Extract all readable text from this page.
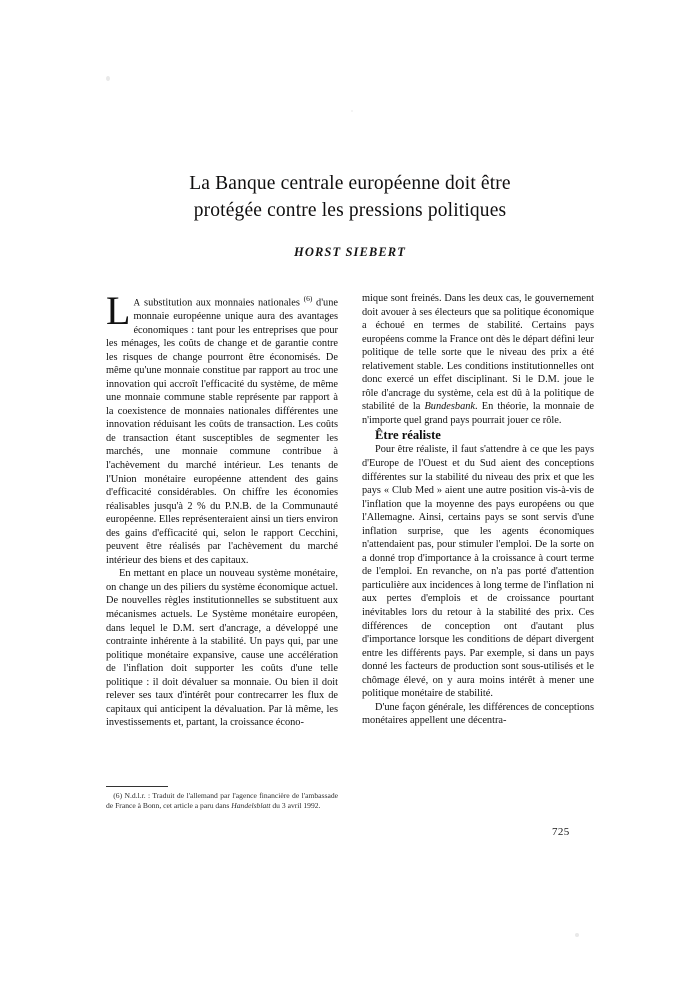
La Banque centrale européenne doit être
protégée contre les pressions politiques
HORST SIEBERT

L A substitution aux monnaies nationales $^{(6)}$ d'une monnaie européenne unique aura des avantages économiques : tant pour les entreprises que pour les ménages, les coûts de change et de garantie contre les risques de change pourront être économisés. De même qu'une monnaie constitue par rapport au troc une innovation qui accroît l'efficacité du système, de même une monnaie commune stable représente par rapport à la coexistence de monnaies nationales différentes une innovation réduisant les coûts de transaction. Les coûts de transaction étant susceptibles de segmenter les marchés, une monnaie commune contribue à l'achèvement du marché intérieur. Les tenants de l'Union monétaire européenne attendent des gains d'efficacité considérables. On chiffre les économies réalisables jusqu'à 2 % du P.N.B. de la Communauté européenne. Elles représenteraient ainsi un tiers environ des gains d'efficacité qui, selon le rapport Cecchini, peuvent être réalisés par l'achèvement du marché intérieur des biens et des capitaux.

En mettant en place un nouveau système monétaire, on change un des piliers du système économique actuel. De nouvelles règles institutionnelles se substituent aux mécanismes actuels. Le Système monétaire européen, dans lequel le D.M. sert d'ancrage, a développé une contrainte inhérente à la stabilité. Un pays qui, par une politique monétaire expansive, cause une accélération de l'inflation doit supporter les coûts d'une telle politique : il doit dévaluer sa monnaie. Ou bien il doit relever ses taux d'intérêt pour contrecarrer les flux de capitaux qui anticipent la dévaluation. Par là même, les investissements et, partant, la croissance écono-

mique sont freinés. Dans les deux cas, le gouvernement doit avouer à ses électeurs que sa politique économique a échoué en termes de stabilité. Certains pays européens comme la France ont dès le départ défini leur politique de telle sorte que le niveau des prix a été relativement stable. Les conditions institutionnelles ont donc exercé un effet disciplinant. Si le D.M. joue le rôle d'ancrage du système, cela est dû à la politique de stabilité de la Bundesbank. En théorie, la monnaie de n'importe quel grand pays pourrait jouer ce rôle.

Être réaliste

Pour être réaliste, il faut s'attendre à ce que les pays d'Europe de l'Ouest et du Sud aient des conceptions différentes sur la stabilité du niveau des prix et que les pays « Club Med » aient une autre position vis-à-vis de l'inflation que la moyenne des pays européens ou que l'Allemagne. Ainsi, certains pays se sont servis d'une inflation surprise, que les agents économiques n'attendaient pas, pour stimuler l'emploi. De la sorte on a donné trop d'importance à la croissance à court terme de l'emploi. En revanche, on n'a pas porté d'attention particulière aux incidences à long terme de l'inflation ni aux pertes d'emplois et de croissance pourtant inévitables lors du retour à la stabilité des prix. Ces différences de conception ont d'autant plus d'importance lorsque les conditions de départ divergent entre les différents pays. Par exemple, si dans un pays donné les facteurs de production sont sous-utilisés et le chômage élevé, on y aura moins intérêt à mener une politique monétaire de stabilité.

D'une façon générale, les différences de conceptions monétaires appellent une décentra-

(6) N.d.l.r. : Traduit de l'allemand par l'agence financière de l'ambassade de France à Bonn, cet article a paru dans Handelsblatt du 3 avril 1992.
725
